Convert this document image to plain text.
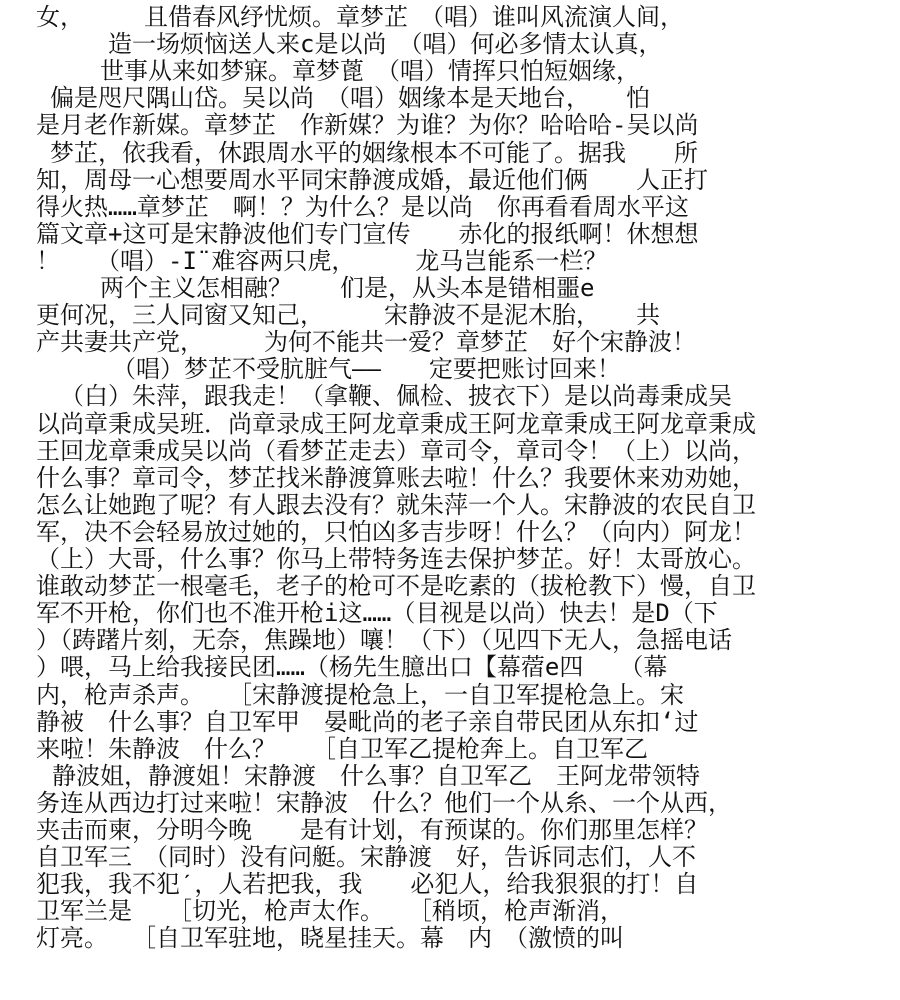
女，　　　且借春风纾忧烦。章梦芷　（唱）谁叫风流演人间，
　　造一场烦恼送人来c是以尚　（唱）何必多情太认真，
　世事从来如梦寐。章梦蓖　（唱）情挥只怕短姻缘，
偏是咫尺隅山岱。吴以尚　（唱）姻缘本是天地台，　　怕
是月老作新媒。章梦芷　作新媒？为谁？为你？哈哈哈-吴以尚
梦芷，依我看，休跟周水平的姻缘根本不可能了。据我　　所
知，周母一心想要周水平同宋静渡成婚，最近他们俩　　人正打
得火热……章梦芷　啊！？为什么？是以尚　你再看看周水平这
篇文章+这可是宋静波他们专门宣传　　赤化的报纸啊！休想想
！　　（唱）-I¨难容两只虎，　　　龙马岂能系一栏？
　两个主义怎相融？　　们是，从头本是错相噩e
更何况，三人同窗又知己，　　　宋静波不是泥木胎，　　共
产共妻共产党，　　　为何不能共一爱？章梦芷　好个宋静波！
　　（唱）梦芷不受肮脏气——　　定要把账讨回来！
　（白）朱萍，跟我走！（拿鞭、佩检、披衣下）是以尚毒秉成吴
以尚章秉成吴班．尚章录成王阿龙章秉成王阿龙章秉成王阿龙章秉成
王回龙章秉成吴以尚（看梦芷走去）章司令，章司令！（上）以尚，
什么事？章司令，梦芷找米静渡算账去啦！什么？我要休来劝劝她，
怎么让她跑了呢？有人跟去没有？就朱萍一个人。宋静波的农民自卫
军，决不会轻易放过她的，只怕凶多吉步呀！什么？（向内）阿龙！
（上）大哥，什么事？你马上带特务连去保护梦芷。好！太哥放心。
谁敢动梦芷一根毫毛，老子的枪可不是吃素的（拔枪教下）慢，自卫
军不开枪，你们也不准开枪i这……（目视是以尚）快去！是D（下
）（踌躇片刻，无奈，焦躁地）嚷！（下）（见四下无人，急摇电话
）喂，马上给我接民团……（杨先生臆出口【幕蓿e四　　（幕
内，枪声杀声。　　［宋静渡提枪急上，一自卫军提枪急上。宋
静被　什么事？自卫军甲　晏毗尚的老子亲自带民团从东扣‘过
来啦！朱静波　什么？　　［自卫军乙提枪奔上。自卫军乙
静波姐，静渡姐！宋静渡　什么事？自卫军乙　王阿龙带领特
务连从西边打过来啦！宋静波　什么？他们一个从糸、一个从西，
夹击而柬，分明今晚　　是有计划，有预谋的。你们那里怎样？
自卫军三　（同时）没有问艇。宋静渡　好，告诉同志们，人不
犯我，我不犯ˊ，人若把我，我　　必犯人，给我狠狠的打！自
卫军兰是　　［切光，枪声太作。　　［稍顷，枪声渐消，
灯亮。　　［自卫军驻地，晓星挂天。幕　内　（激愤的叫
